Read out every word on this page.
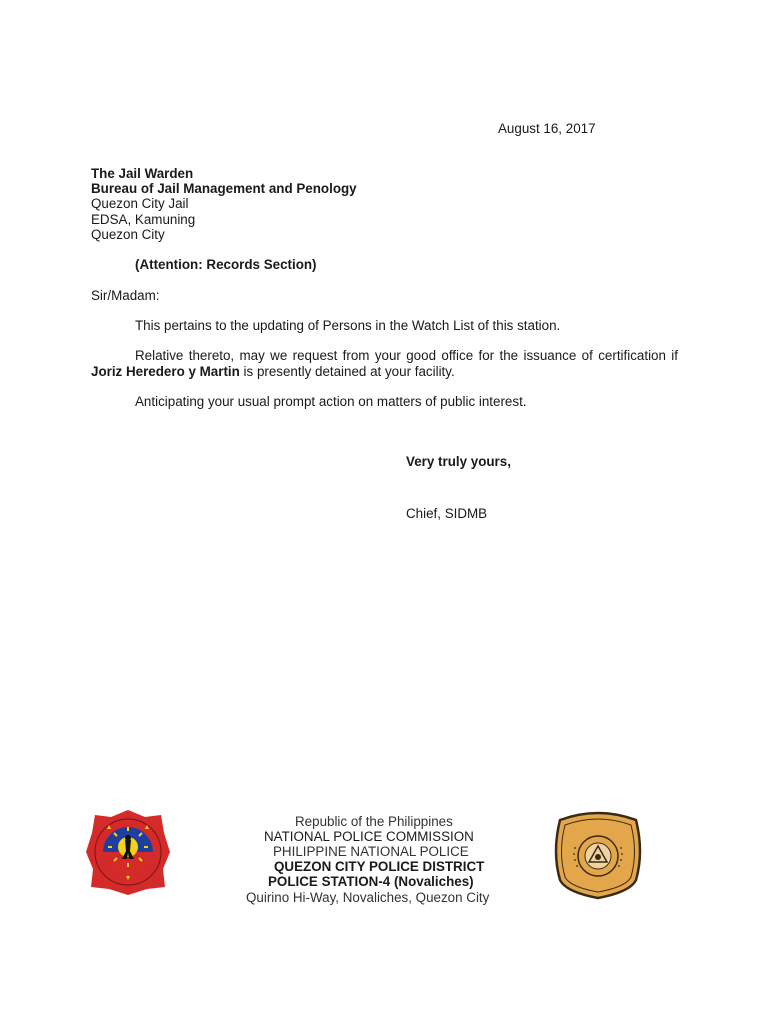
August 16, 2017
The Jail Warden
Bureau of Jail Management and Penology
Quezon City Jail
EDSA, Kamuning
Quezon City
(Attention: Records Section)
Sir/Madam:
This pertains to the updating of Persons in the Watch List of this station.
Relative thereto, may we request from your good office for the issuance of certification if Joriz Heredero y Martin is presently detained at your facility.
Anticipating your usual prompt action on matters of public interest.
Very truly yours,
Chief, SIDMB
Republic of the Philippines
NATIONAL POLICE COMMISSION
PHILIPPINE NATIONAL POLICE
QUEZON CITY POLICE DISTRICT
POLICE STATION-4 (Novaliches)
Quirino Hi-Way, Novaliches, Quezon City
